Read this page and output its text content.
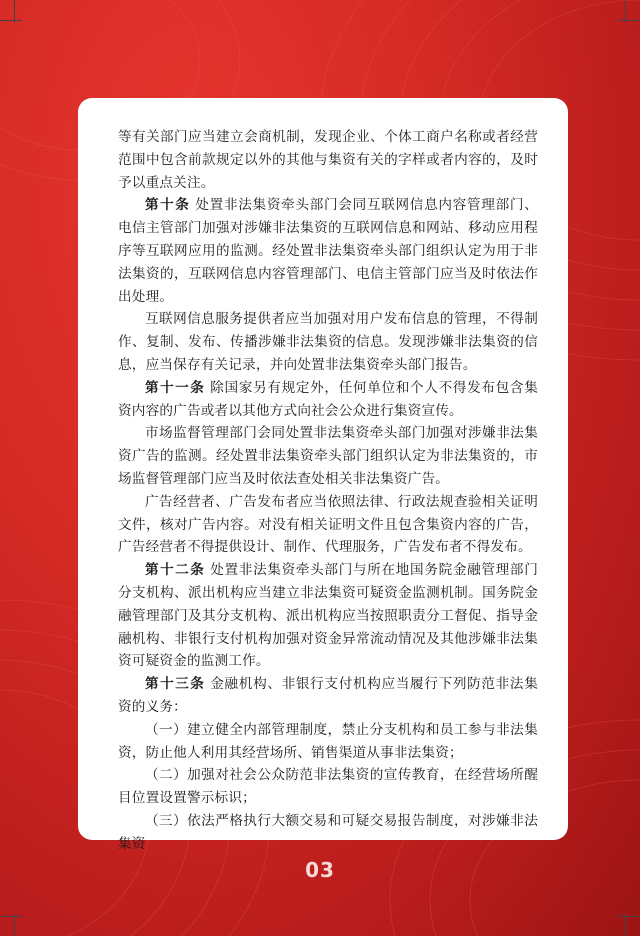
等有关部门应当建立会商机制，发现企业、个体工商户名称或者经营范围中包含前款规定以外的其他与集资有关的字样或者内容的，及时予以重点关注。

第十条 处置非法集资牵头部门会同互联网信息内容管理部门、电信主管部门加强对涉嫌非法集资的互联网信息和网站、移动应用程序等互联网应用的监测。经处置非法集资牵头部门组织认定为用于非法集资的，互联网信息内容管理部门、电信主管部门应当及时依法作出处理。

互联网信息服务提供者应当加强对用户发布信息的管理，不得制作、复制、发布、传播涉嫌非法集资的信息。发现涉嫌非法集资的信息，应当保存有关记录，并向处置非法集资牵头部门报告。

第十一条 除国家另有规定外，任何单位和个人不得发布包含集资内容的广告或者以其他方式向社会公众进行集资宣传。

市场监督管理部门会同处置非法集资牵头部门加强对涉嫌非法集资广告的监测。经处置非法集资牵头部门组织认定为非法集资的，市场监督管理部门应当及时依法查处相关非法集资广告。

广告经营者、广告发布者应当依照法律、行政法规查验相关证明文件，核对广告内容。对没有相关证明文件且包含集资内容的广告，广告经营者不得提供设计、制作、代理服务，广告发布者不得发布。

第十二条 处置非法集资牵头部门与所在地国务院金融管理部门分支机构、派出机构应当建立非法集资可疑资金监测机制。国务院金融管理部门及其分支机构、派出机构应当按照职责分工督促、指导金融机构、非银行支付机构加强对资金异常流动情况及其他涉嫌非法集资可疑资金的监测工作。

第十三条 金融机构、非银行支付机构应当履行下列防范非法集资的义务：

（一）建立健全内部管理制度，禁止分支机构和员工参与非法集资，防止他人利用其经营场所、销售渠道从事非法集资；

（二）加强对社会公众防范非法集资的宣传教育，在经营场所醒目位置设置警示标识；

（三）依法严格执行大额交易和可疑交易报告制度，对涉嫌非法集资

03
